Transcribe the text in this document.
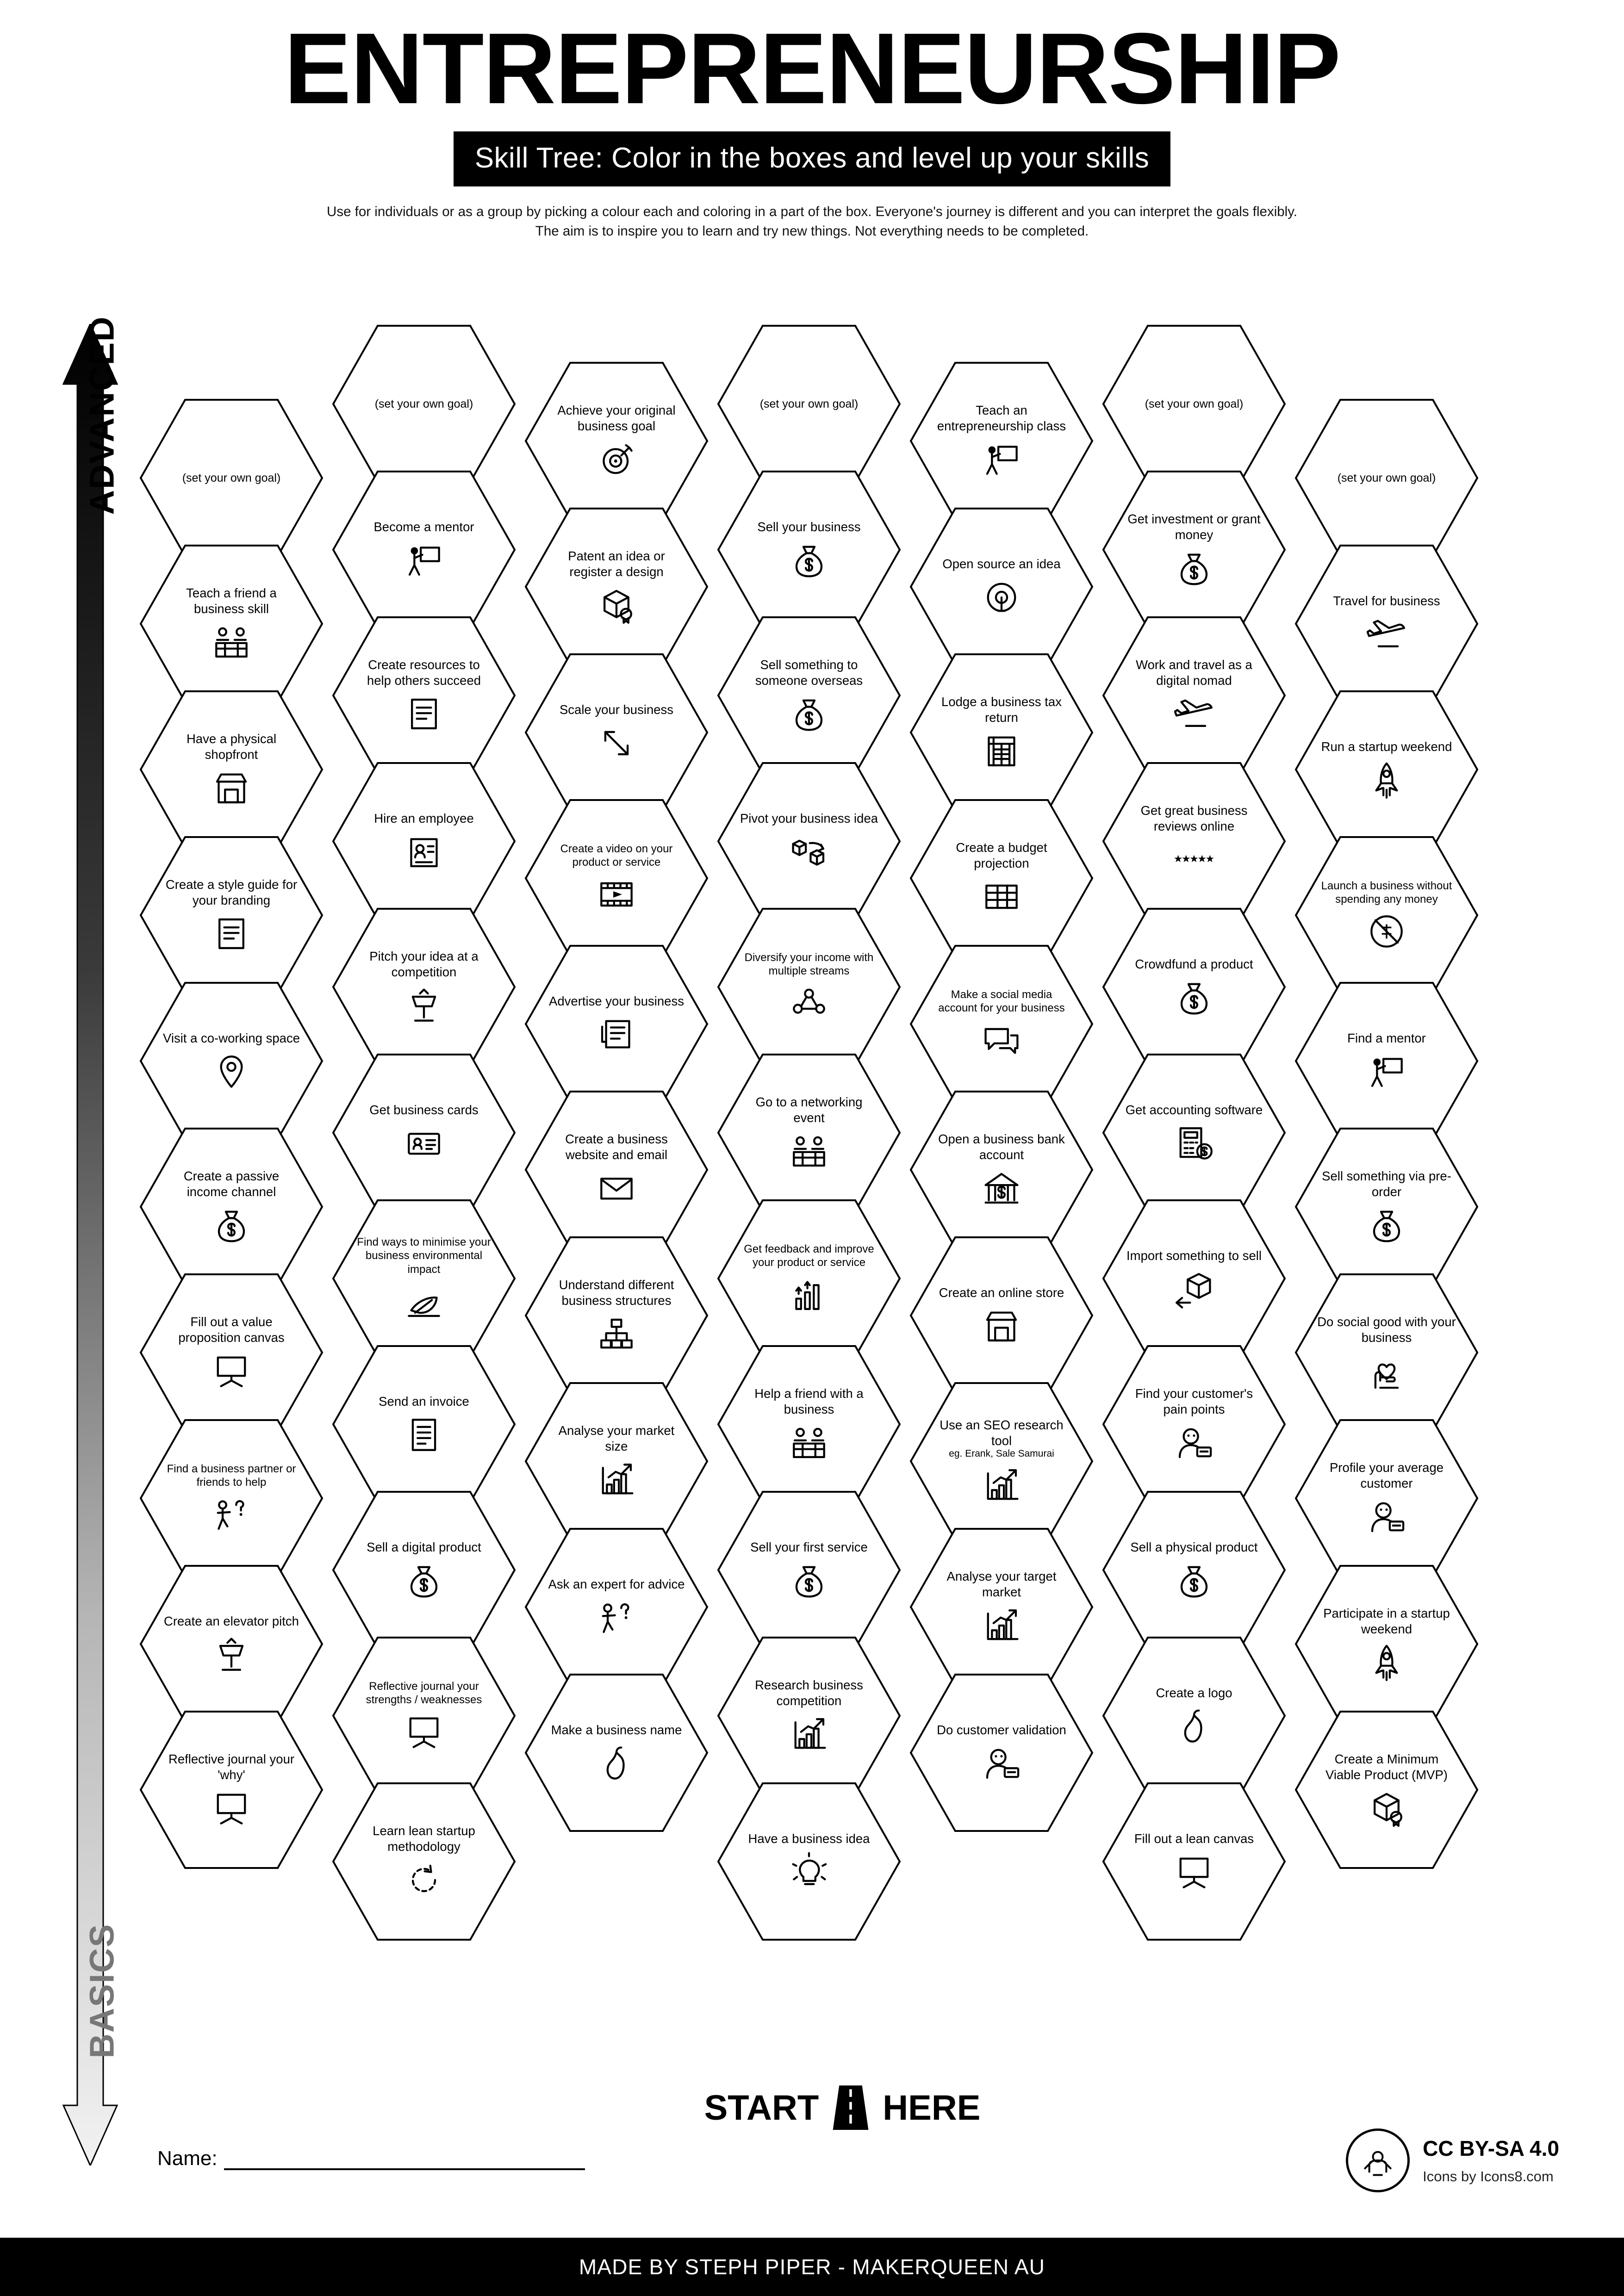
ENTREPRENEURSHIP
Skill Tree: Color in the boxes and level up your skills
Use for individuals or as a group by picking a colour each and coloring in a part of the box. Everyone's journey is different and you can interpret the goals flexibly. The aim is to inspire you to learn and try new things. Not everything needs to be completed.
ADVANCED
BASICS
(set your own goal)
Teach a friend a business skill
Have a physical shopfront
Create a style guide for your branding
Visit a co-working space
Create a passive income channel
Fill out a value proposition canvas
Find a business partner or friends to help
Create an elevator pitch
Reflective journal your 'why'
(set your own goal)
Become a mentor
Create resources to help others succeed
Hire an employee
Pitch your idea at a competition
Get business cards
Find ways to minimise your business environmental impact
Send an invoice
Sell a digital product
Reflective journal your strengths / weaknesses
Learn lean startup methodology
Achieve your original business goal
Patent an idea or register a design
Scale your business
Create a video on your product or service
Advertise your business
Create a business website and email
Understand different business structures
Analyse your market size
Ask an expert for advice
Make a business name
(set your own goal)
Sell your business
Sell something to someone overseas
Pivot your business idea
Diversify your income with multiple streams
Go to a networking event
Get feedback and improve your product or service
Help a friend with a business
Sell your first service
Research business competition
Have a business idea
Teach an entrepreneurship class
Open source an idea
Lodge a business tax return
Create a budget projection
Make a social media account for your business
Open a business bank account
Create an online store
Use an SEO research tool
eg. Erank, Sale Samurai
Analyse your target market
Do customer validation
(set your own goal)
Get investment or grant money
Work and travel as a digital nomad
Get great business reviews online
Crowdfund a product
Get accounting software
Import something to sell
Find your customer's pain points
Sell a physical product
Create a logo
Fill out a lean canvas
(set your own goal)
Travel for business
Run a startup weekend
Launch a business without spending any money
Find a mentor
Sell something via pre-order
Do social good with your business
Profile your average customer
Participate in a startup weekend
Create a Minimum Viable Product (MVP)
START HERE
Name:	CC BY-SA 4.0
Icons by Icons8.com
MADE BY STEPH PIPER - MAKERQUEEN AU
